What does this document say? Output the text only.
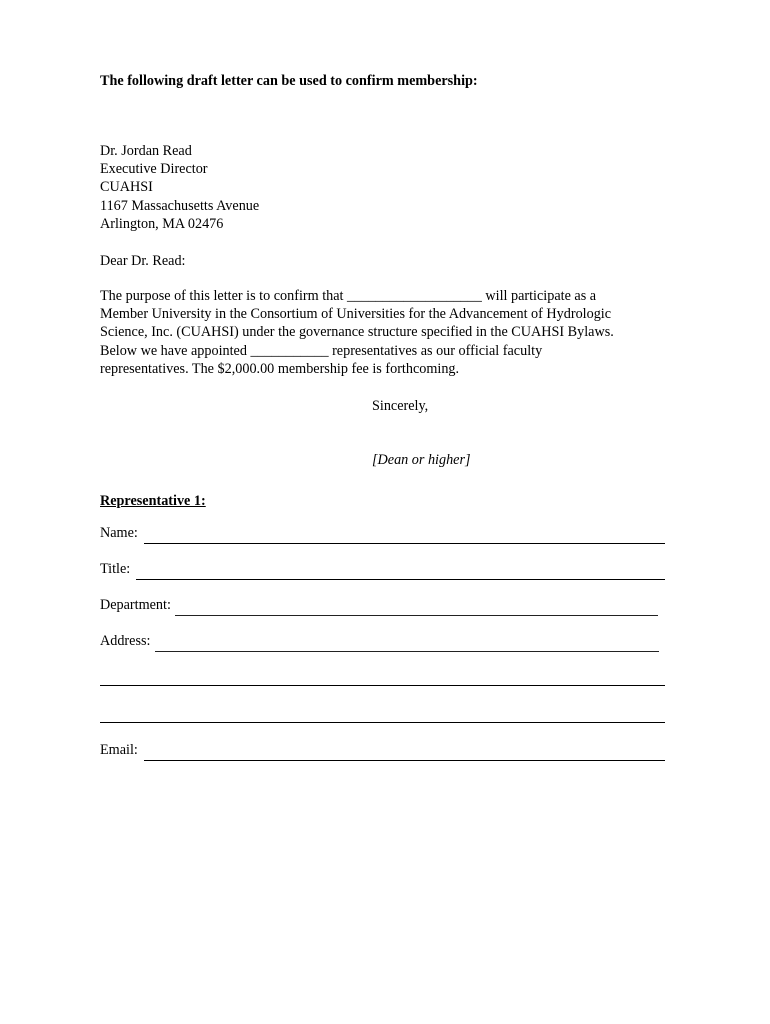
The following draft letter can be used to confirm membership:
Dr. Jordan Read
Executive Director
CUAHSI
1167 Massachusetts Avenue
Arlington, MA 02476
Dear Dr. Read:
The purpose of this letter is to confirm that ___________________ will participate as a
Member University in the Consortium of Universities for the Advancement of Hydrologic
Science, Inc. (CUAHSI) under the governance structure specified in the CUAHSI Bylaws.
Below we have appointed ___________ representatives as our official faculty
representatives. The $2,000.00 membership fee is forthcoming.
Sincerely,
[Dean or higher]
Representative 1:
Name:
Title:
Department:
Address:
Email:
